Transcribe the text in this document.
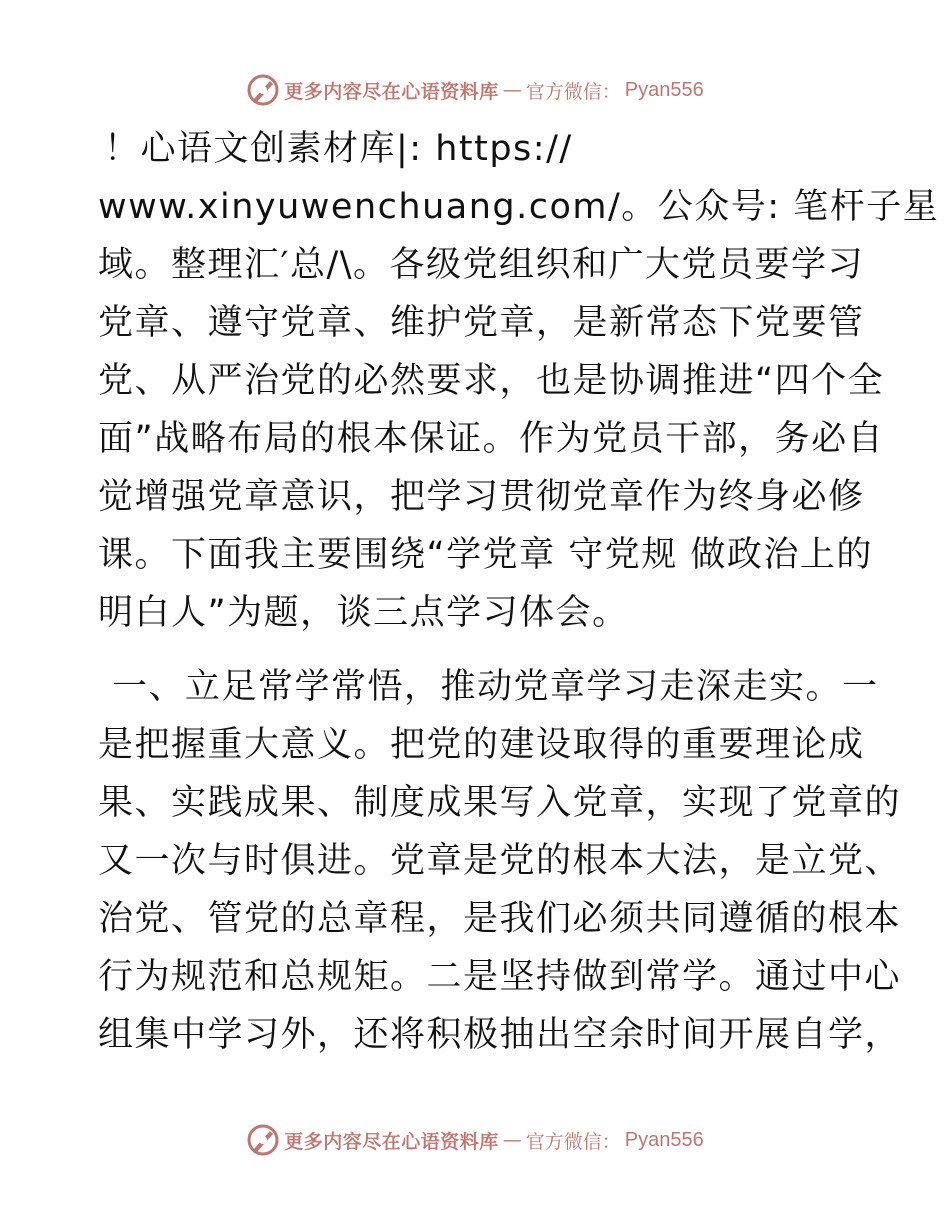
更多内容尽在心语资料库 — 官方微信： Pyan556
！心语文创素材库|: https://
www.xinyuwenchuang.com/。公众号: 笔杆子星
域。整理汇′总/\。各级党组织和广大党员要学习
党章、遵守党章、维护党章，是新常态下党要管
党、从严治党的必然要求，也是协调推进“四个全
面”战略布局的根本保证。作为党员干部，务必自
觉增强党章意识，把学习贯彻党章作为终身必修
课。下面我主要围绕“学党章 守党规 做政治上的
明白人”为题，谈三点学习体会。
一、立足常学常悟，推动党章学习走深走实。一
是把握重大意义。把党的建设取得的重要理论成
果、实践成果、制度成果写入党章，实现了党章的
又一次与时俱进。党章是党的根本大法，是立党、
治党、管党的总章程，是我们必须共同遵循的根本
行为规范和总规矩。二是坚持做到常学。通过中心
组集中学习外，还将积极抽出空余时间开展自学，
更多内容尽在心语资料库 — 官方微信： Pyan556
